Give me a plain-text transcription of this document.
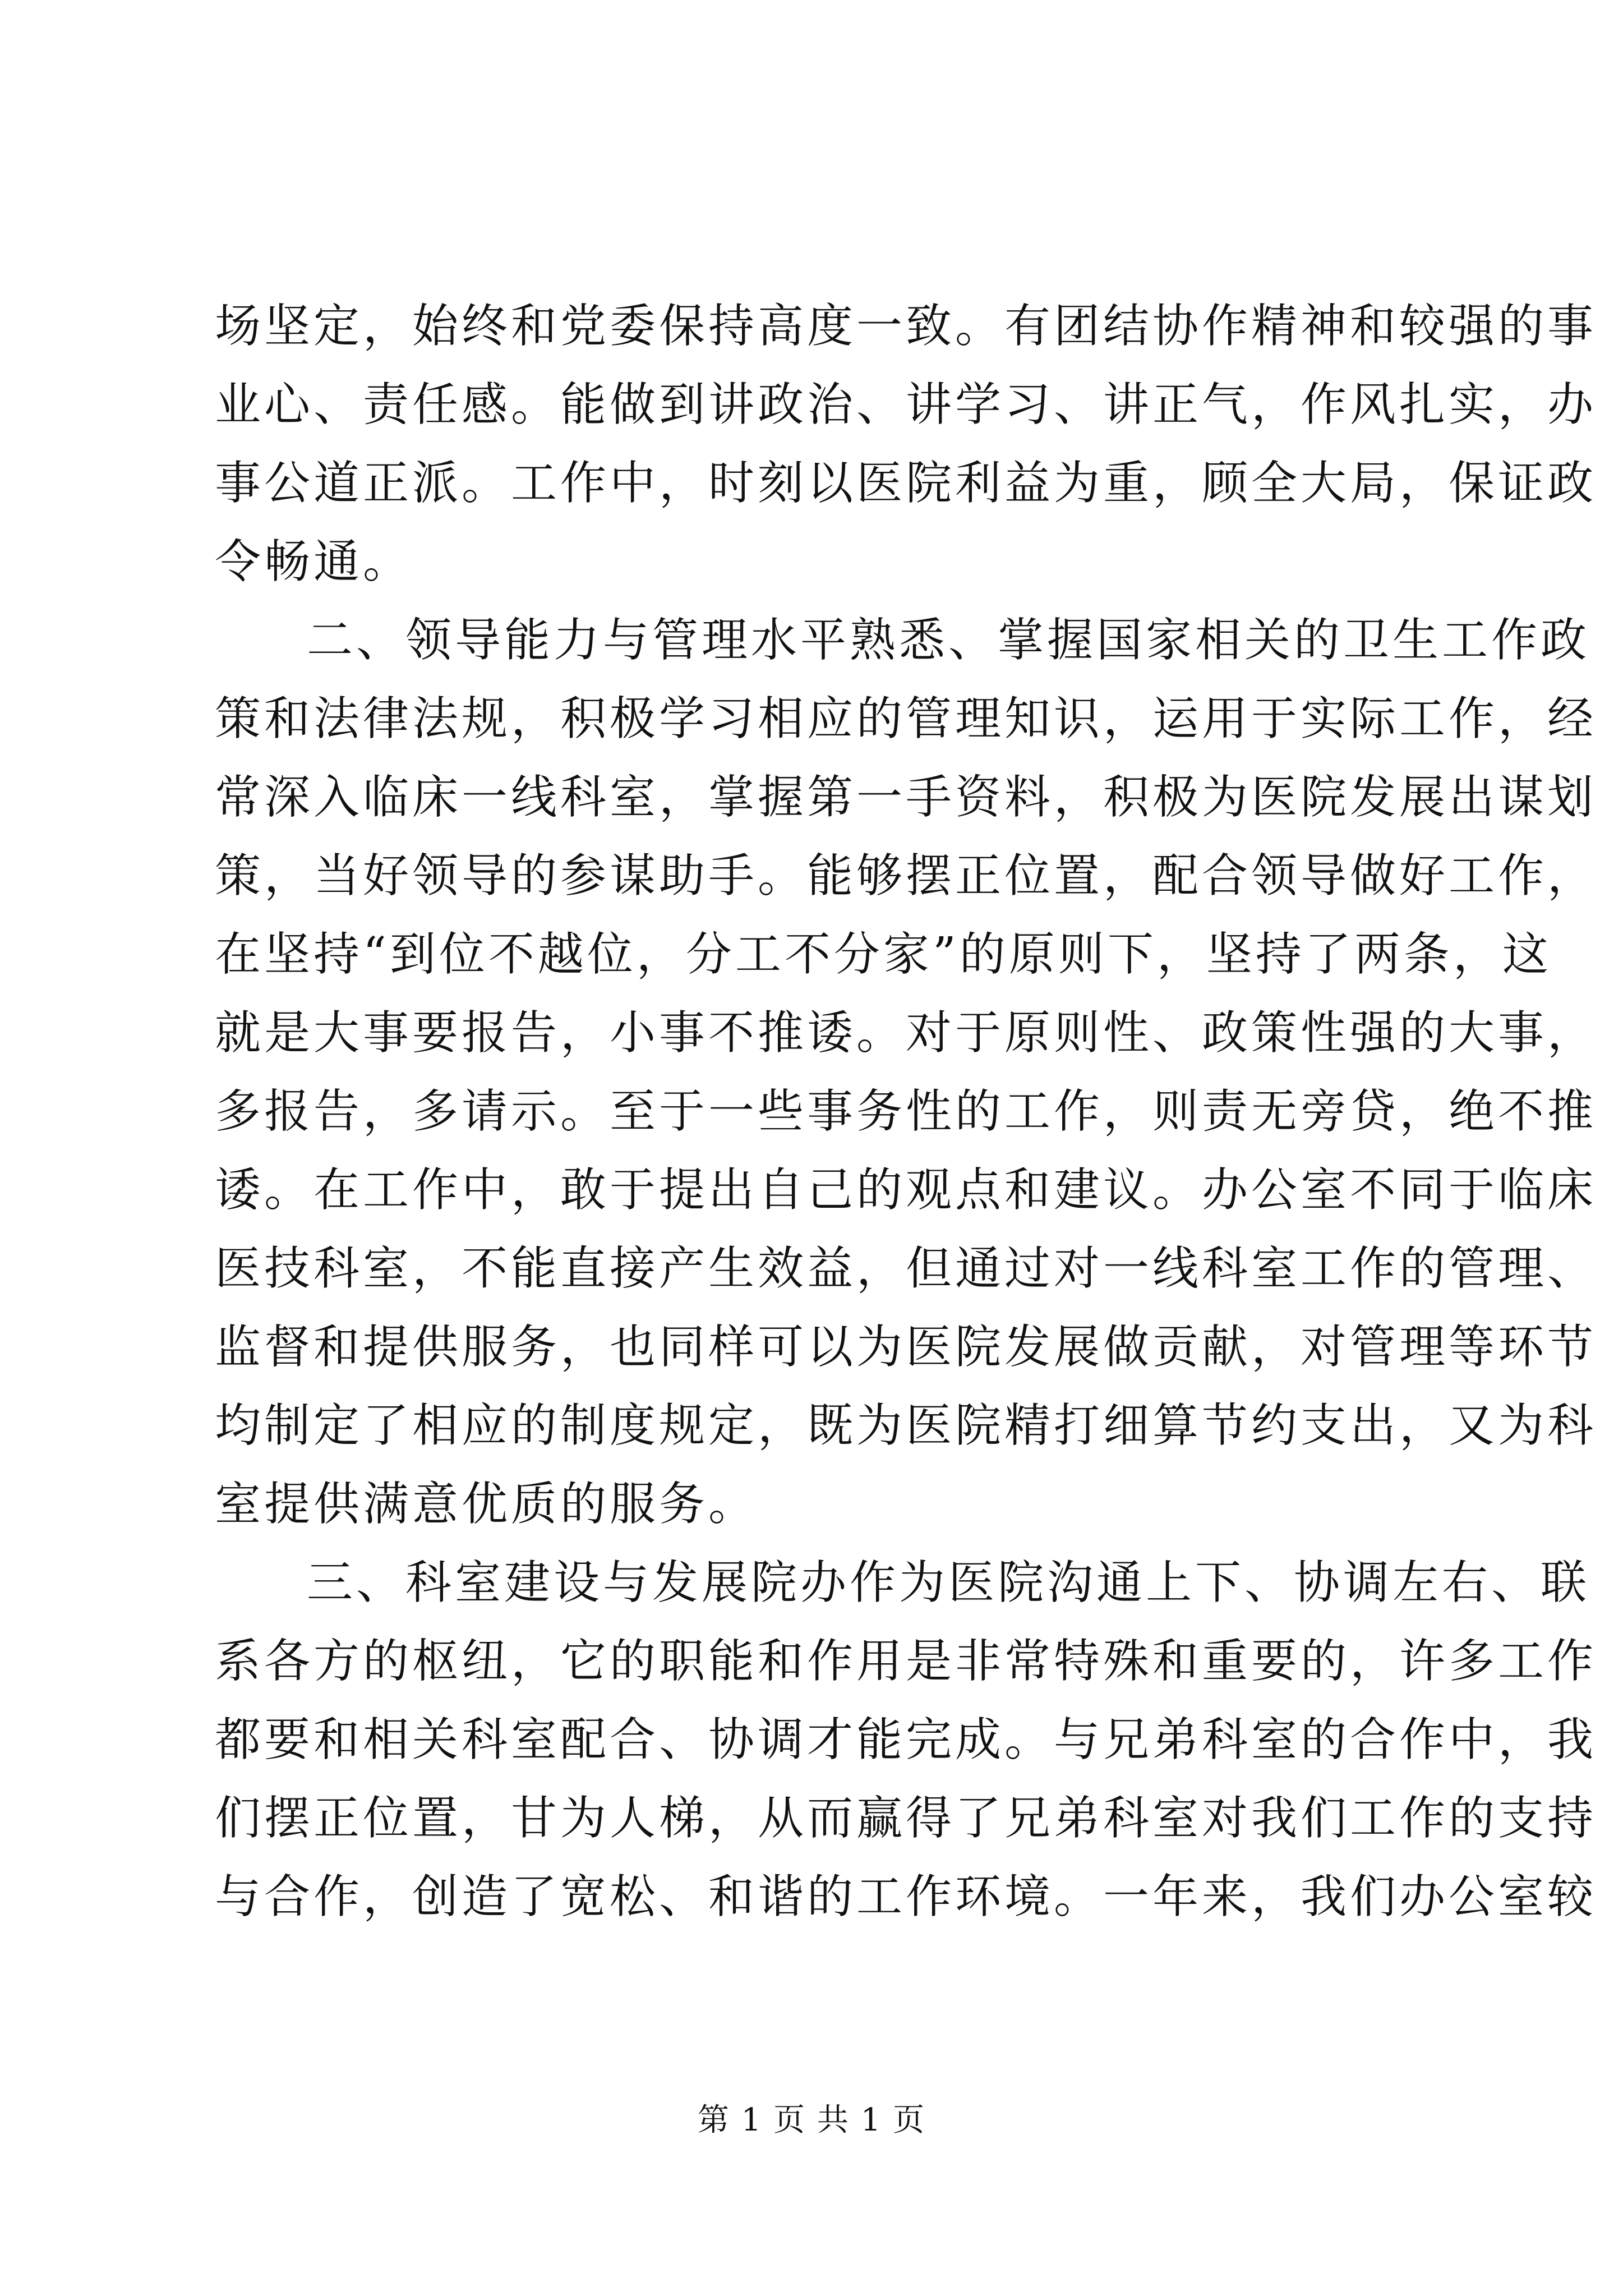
场坚定，始终和党委保持高度一致。有团结协作精神和较强的事
业心、责任感。能做到讲政治、讲学习、讲正气，作风扎实，办
事公道正派。工作中，时刻以医院利益为重，顾全大局，保证政
令畅通。
二、领导能力与管理水平熟悉、掌握国家相关的卫生工作政
策和法律法规，积极学习相应的管理知识，运用于实际工作，经
常深入临床一线科室，掌握第一手资料，积极为医院发展出谋划
策，当好领导的参谋助手。能够摆正位置，配合领导做好工作，
在坚持“到位不越位，分工不分家”的原则下，坚持了两条，这
就是大事要报告，小事不推诿。对于原则性、政策性强的大事，
多报告，多请示。至于一些事务性的工作，则责无旁贷，绝不推
诿。在工作中，敢于提出自己的观点和建议。办公室不同于临床
医技科室，不能直接产生效益，但通过对一线科室工作的管理、
监督和提供服务，也同样可以为医院发展做贡献，对管理等环节
均制定了相应的制度规定，既为医院精打细算节约支出，又为科
室提供满意优质的服务。
三、科室建设与发展院办作为医院沟通上下、协调左右、联
系各方的枢纽，它的职能和作用是非常特殊和重要的，许多工作
都要和相关科室配合、协调才能完成。与兄弟科室的合作中，我
们摆正位置，甘为人梯，从而赢得了兄弟科室对我们工作的支持
与合作，创造了宽松、和谐的工作环境。一年来，我们办公室较
第 1 页 共 1 页
